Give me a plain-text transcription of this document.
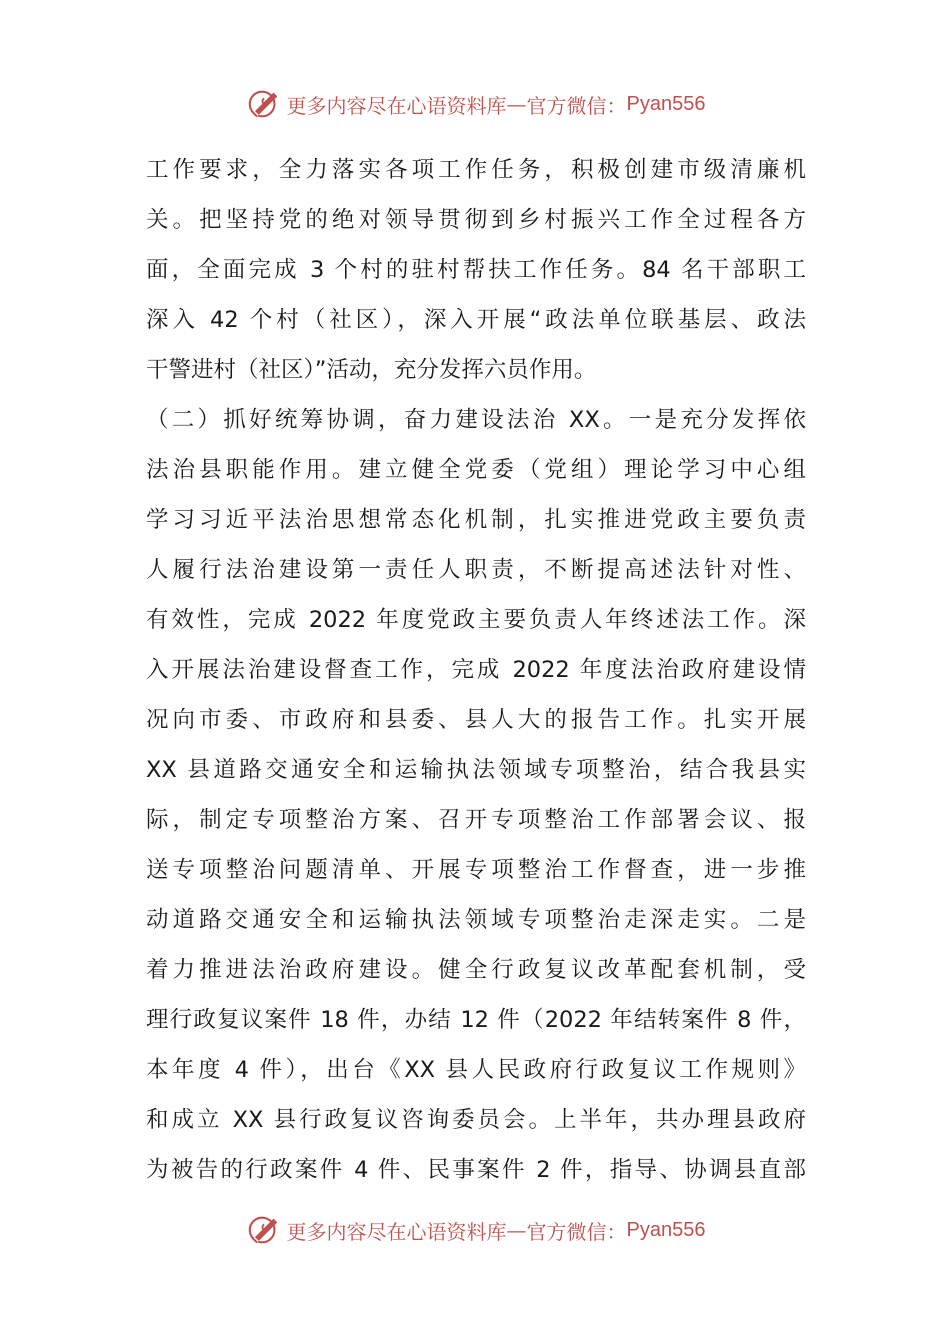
更多内容尽在心语资料库 — 官方微信： Pyan556
工作要求，全力落实各项工作任务，积极创建市级清廉机
关。把坚持党的绝对领导贯彻到乡村振兴工作全过程各方
面，全面完成 3 个村的驻村帮扶工作任务。84 名干部职工
深入 42 个村（社区），深入开展“政法单位联基层、政法
干警进村（社区）”活动，充分发挥六员作用。
（二）抓好统筹协调，奋力建设法治 XX。一是充分发挥依
法治县职能作用。建立健全党委（党组）理论学习中心组
学习习近平法治思想常态化机制，扎实推进党政主要负责
人履行法治建设第一责任人职责，不断提高述法针对性、
有效性，完成 2022 年度党政主要负责人年终述法工作。深
入开展法治建设督查工作，完成 2022 年度法治政府建设情
况向市委、市政府和县委、县人大的报告工作。扎实开展
XX 县道路交通安全和运输执法领域专项整治，结合我县实
际，制定专项整治方案、召开专项整治工作部署会议、报
送专项整治问题清单、开展专项整治工作督查，进一步推
动道路交通安全和运输执法领域专项整治走深走实。二是
着力推进法治政府建设。健全行政复议改革配套机制，受
理行政复议案件 18 件，办结 12 件（2022 年结转案件 8 件，
本年度 4 件），出台《XX 县人民政府行政复议工作规则》
和成立 XX 县行政复议咨询委员会。上半年，共办理县政府
为被告的行政案件 4 件、民事案件 2 件，指导、协调县直部
更多内容尽在心语资料库 — 官方微信： Pyan556
